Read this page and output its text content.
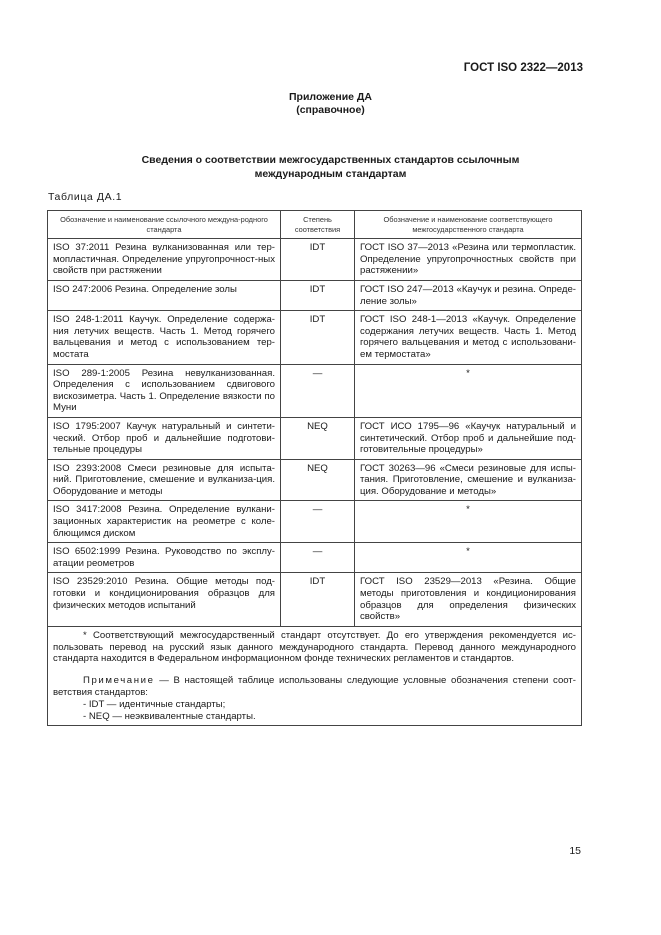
ГОСТ ISO 2322—2013
Приложение ДА
(справочное)
Сведения о соответствии межгосударственных стандартов ссылочным
международным стандартам
Таблица ДА.1
Обозначение и наименование ссылочного междуна-родного стандарта	Степень соответствия	Обозначение и наименование соответствующего межгосударственного стандарта
ISO 37:2011 Резина вулканизованная или тер-мопластичная. Определение упругопрочност-ных свойств при растяжении	IDT	ГОСТ ISO 37—2013 «Резина или термопластик. Определение упругопрочностных свойств при растяжении»
ISO 247:2006 Резина. Определение золы	IDT	ГОСТ ISO 247—2013 «Каучук и резина. Опреде-ление золы»
ISO 248-1:2011 Каучук. Определение содержа-ния летучих веществ. Часть 1. Метод горячего вальцевания и метод с использованием тер-мостата	IDT	ГОСТ ISO 248-1—2013 «Каучук. Определение содержания летучих веществ. Часть 1. Метод горячего вальцевания и метод с использовани-ем термостата»
ISO 289-1:2005 Резина невулканизованная. Определения с использованием сдвигового вискозиметра. Часть 1. Определение вязкости по Муни	—	*
ISO 1795:2007 Каучук натуральный и синтети-ческий. Отбор проб и дальнейшие подготови-тельные процедуры	NEQ	ГОСТ ИСО 1795—96 «Каучук натуральный и синтетический. Отбор проб и дальнейшие под-готовительные процедуры»
ISO 2393:2008 Смеси резиновые для испыта-ний. Приготовление, смешение и вулканиза-ция. Оборудование и методы	NEQ	ГОСТ 30263—96 «Смеси резиновые для испы-тания. Приготовление, смешение и вулканиза-ция. Оборудование и методы»
ISO 3417:2008 Резина. Определение вулкани-зационных характеристик на реометре с коле-блющимся диском	—	*
ISO 6502:1999 Резина. Руководство по эксплу-атации реометров	—	*
ISO 23529:2010 Резина. Общие методы под-готовки и кондиционирования образцов для физических методов испытаний	IDT	ГОСТ ISO 23529—2013 «Резина. Общие методы приготовления и кондиционирования образцов для определения физических свойств»

* Соответствующий межгосударственный стандарт отсутствует. До его утверждения рекомендуется ис-пользовать перевод на русский язык данного международного стандарта. Перевод данного международного стандарта находится в Федеральном информационном фонде технических регламентов и стандартов.

Примечание — В настоящей таблице использованы следующие условные обозначения степени соот-ветствия стандартов:

- IDT — идентичные стандарты;

- NEQ — неэквивалентные стандарты.		

15
